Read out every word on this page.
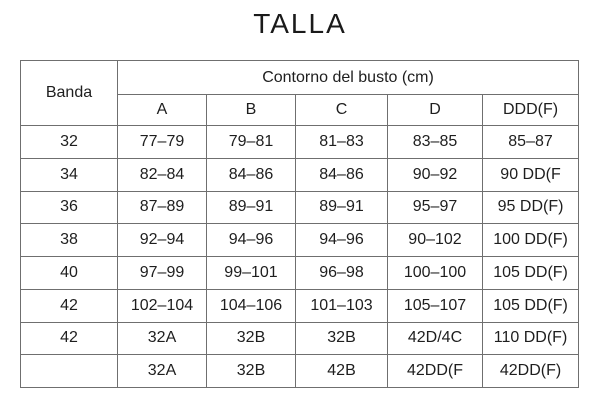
TALLA
Banda	Contorno del busto (cm)				
	A	B	C	D	DDD(F)
32	77–79	79–81	81–83	83–85	85–87
34	82–84	84–86	84–86	90–92	90 DD(F
36	87–89	89–91	89–91	95–97	95 DD(F)
38	92–94	94–96	94–96	90–102	100 DD(F)
40	97–99	99–101	96–98	100–100	105 DD(F)
42	102–104	104–106	101–103	105–107	105 DD(F)
42	32A	32B	32B	42D/4C	110 DD(F)
	32A	32B	42B	42DD(F	42DD(F)
